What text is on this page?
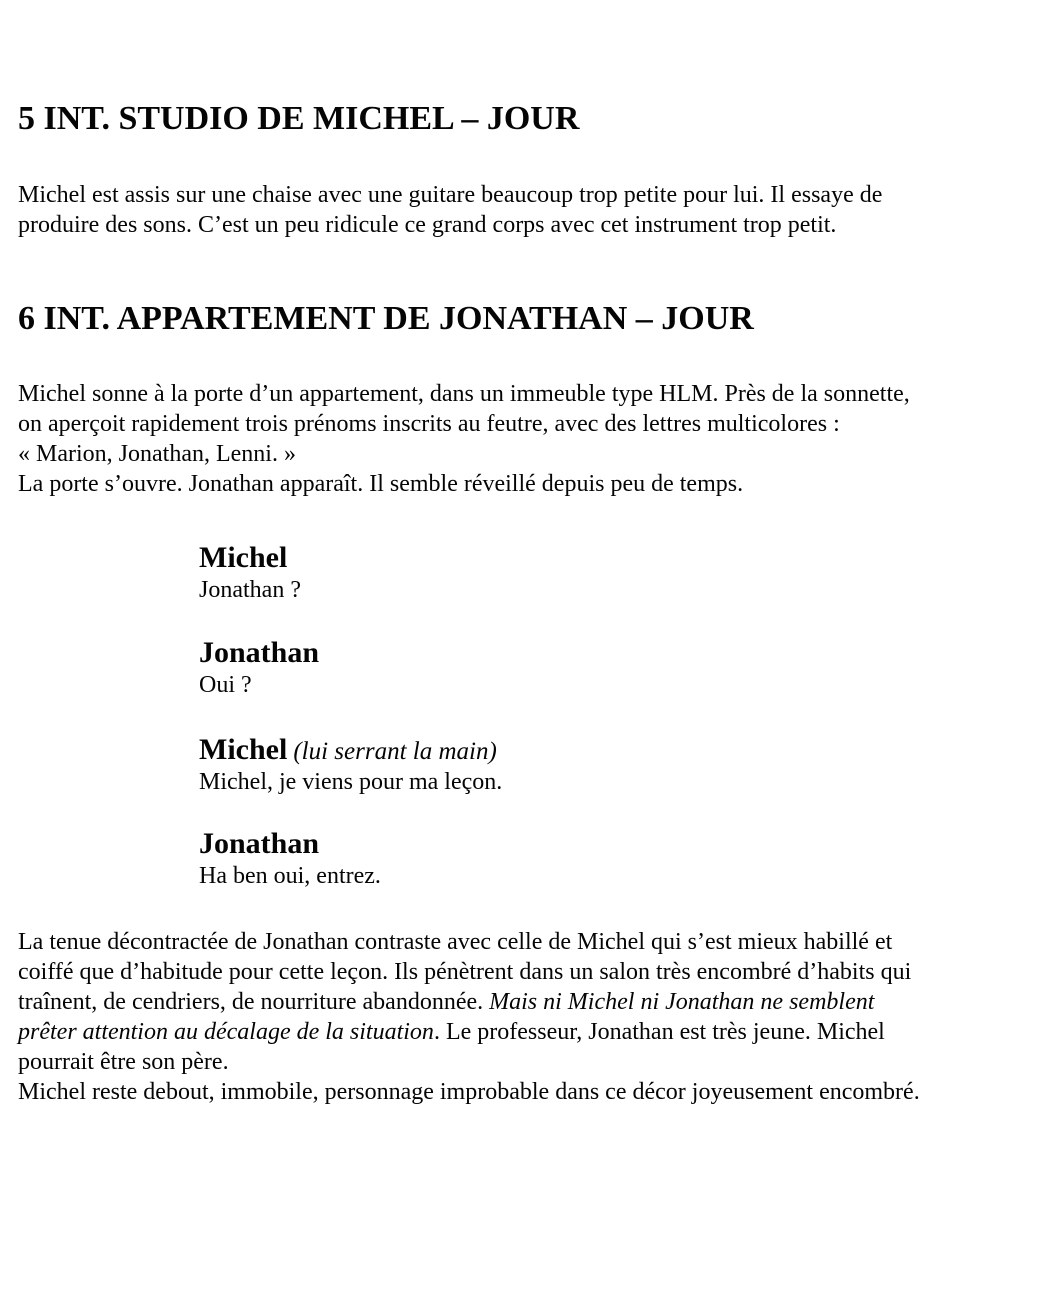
5 INT. STUDIO DE MICHEL – JOUR
Michel est assis sur une chaise avec une guitare beaucoup trop petite pour lui. Il essaye de
produire des sons. C’est un peu ridicule ce grand corps avec cet instrument trop petit.
6 INT. APPARTEMENT DE JONATHAN – JOUR
Michel sonne à la porte d’un appartement, dans un immeuble type HLM. Près de la sonnette,
on aperçoit rapidement trois prénoms inscrits au feutre, avec des lettres multicolores :
« Marion, Jonathan, Lenni. »
La porte s’ouvre. Jonathan apparaît. Il semble réveillé depuis peu de temps.
Michel
Jonathan ?
Jonathan
Oui ?
Michel (lui serrant la main)
Michel, je viens pour ma leçon.
Jonathan
Ha ben oui, entrez.
La tenue décontractée de Jonathan contraste avec celle de Michel qui s’est mieux habillé et
coiffé que d’habitude pour cette leçon. Ils pénètrent dans un salon très encombré d’habits qui
traînent, de cendriers, de nourriture abandonnée. Mais ni Michel ni Jonathan ne semblent
prêter attention au décalage de la situation. Le professeur, Jonathan est très jeune. Michel
pourrait être son père.
Michel reste debout, immobile, personnage improbable dans ce décor joyeusement encombré.
